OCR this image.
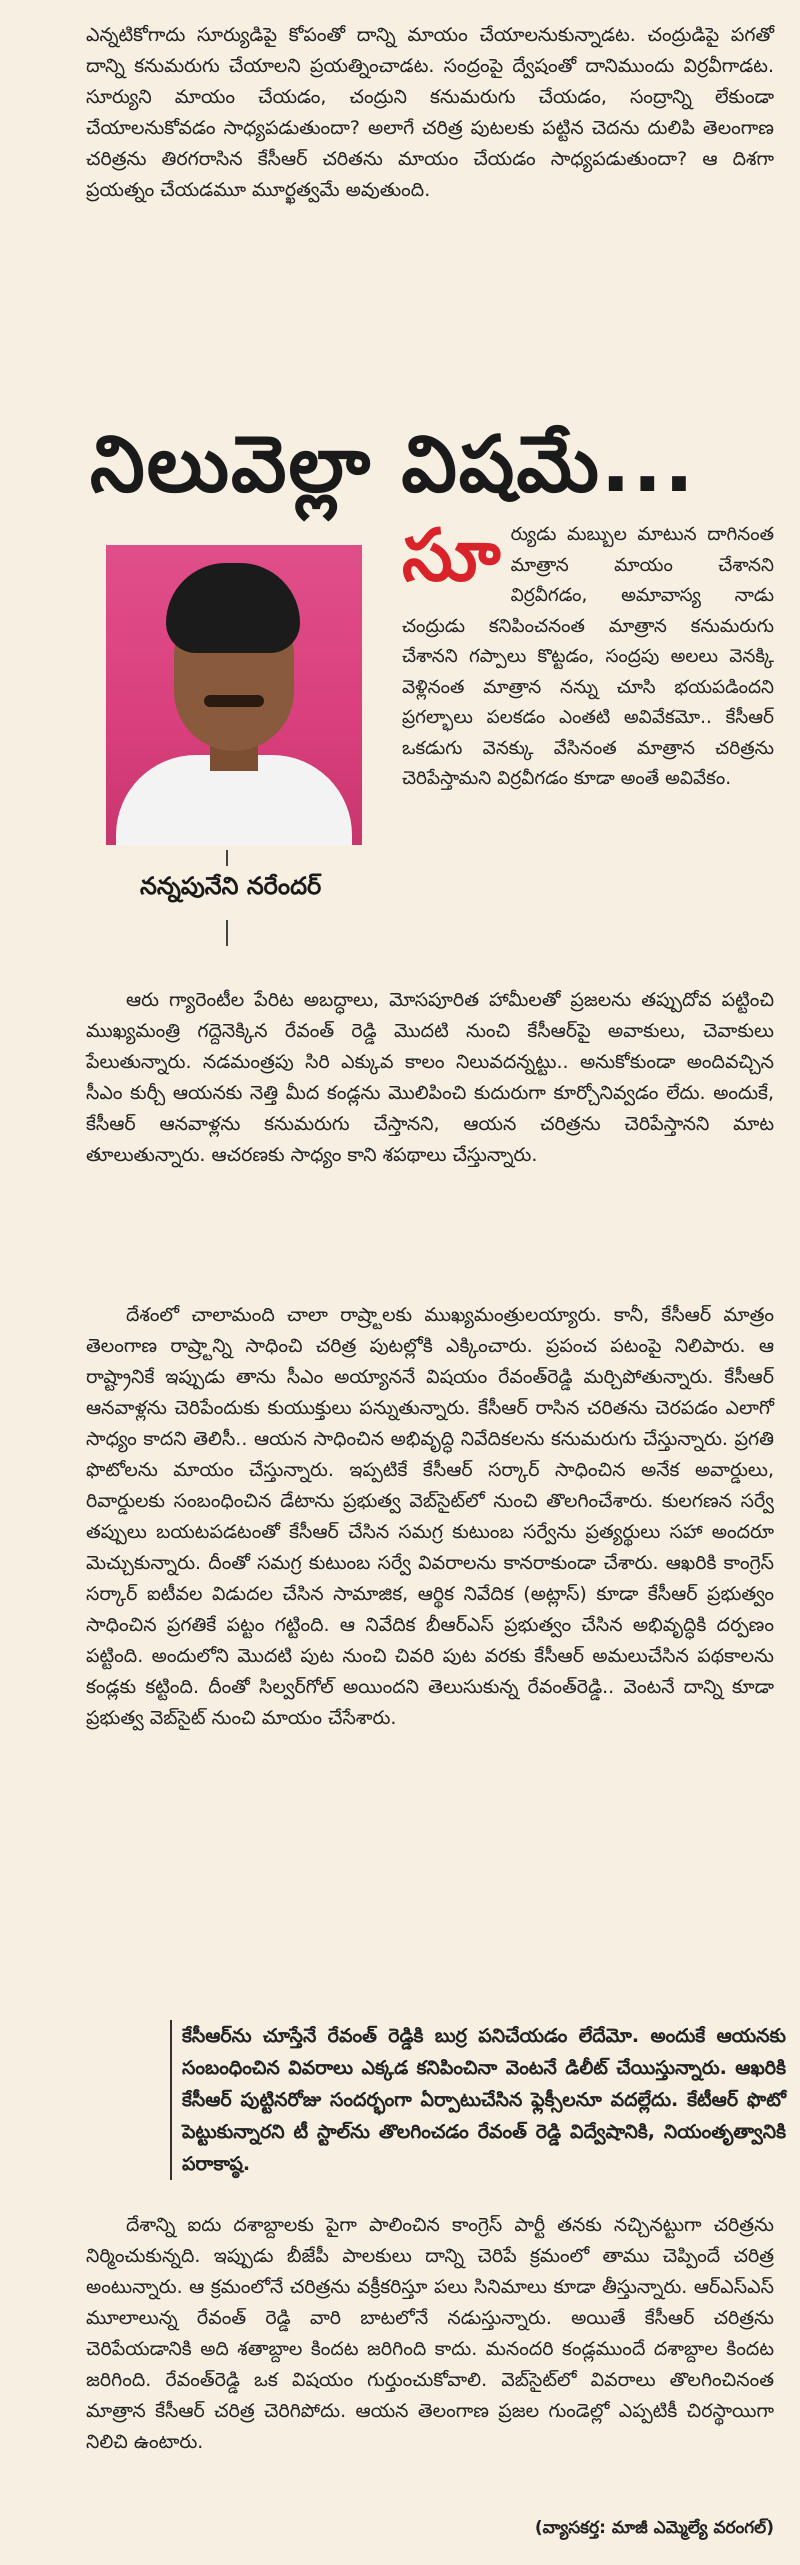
ఎన్నటికోగాదు సూర్యుడిపై కోపంతో దాన్ని మాయం చేయాలనుకున్నాడట. చంద్రుడిపై పగతో దాన్ని కనుమరుగు చేయాలని ప్రయత్నించాడట. సంద్రంపై ద్వేషంతో దానిముందు విర్రవీగాడట. సూర్యుని మాయం చేయడం, చంద్రుని కనుమరుగు చేయడం, సంద్రాన్ని లేకుండా చేయాలనుకోవడం సాధ్యపడుతుందా? అలాగే చరిత్ర పుటలకు పట్టిన చెదను దులిపి తెలంగాణ చరిత్రను తిరగరాసిన కేసీఆర్ చరితను మాయం చేయడం సాధ్యపడుతుందా? ఆ దిశగా ప్రయత్నం చేయడమూ మూర్ఖత్వమే అవుతుంది.

నిలువెల్లా విషమే...

నన్నపునేని నరేందర్

సూ ర్యుడు మబ్బుల మాటున దాగినంత మాత్రాన మాయం చేశానని విర్రవీగడం, అమావాస్య నాడు చంద్రుడు కనిపించనంత మాత్రాన కనుమరుగు చేశానని గప్పాలు కొట్టడం, సంద్రపు అలలు వెనక్కి వెళ్లినంత మాత్రాన నన్ను చూసి భయపడిందని ప్రగల్భాలు పలకడం ఎంతటి అవివేకమో.. కేసీఆర్ ఒకడుగు వెనక్కు వేసినంత మాత్రాన చరిత్రను చెరిపేస్తామని విర్రవీగడం కూడా అంతే అవివేకం.

ఆరు గ్యారెంటీల పేరిట అబద్ధాలు, మోసపూరిత హామీలతో ప్రజలను తప్పుదోవ పట్టించి ముఖ్యమంత్రి గద్దెనెక్కిన రేవంత్ రెడ్డి మొదటి నుంచి కేసీఆర్‌పై అవాకులు, చెవాకులు పేలుతున్నారు. నడమంత్రపు సిరి ఎక్కువ కాలం నిలువదన్నట్టు.. అనుకోకుండా అందివచ్చిన సీఎం కుర్చీ ఆయనకు నెత్తి మీద కండ్లను మొలిపించి కుదురుగా కూర్చోనివ్వడం లేదు. అందుకే, కేసీఆర్ ఆనవాళ్లను కనుమరుగు చేస్తానని, ఆయన చరిత్రను చెరిపేస్తానని మాట తూలుతున్నారు. ఆచరణకు సాధ్యం కాని శపథాలు చేస్తున్నారు.

దేశంలో చాలామంది చాలా రాష్ర్టాలకు ముఖ్యమంత్రులయ్యారు. కానీ, కేసీఆర్ మాత్రం తెలంగాణ రాష్ర్టాన్ని సాధించి చరిత్ర పుటల్లోకి ఎక్కించారు. ప్రపంచ పటంపై నిలిపారు. ఆ రాష్ట్రానికే ఇప్పుడు తాను సీఎం అయ్యాననే విషయం రేవంత్‌రెడ్డి మర్చిపోతున్నారు. కేసీఆర్ ఆనవాళ్లను చెరిపేందుకు కుయుక్తులు పన్నుతున్నారు. కేసీఆర్ రాసిన చరితను చెరపడం ఎలాగో సాధ్యం కాదని తెలిసీ.. ఆయన సాధించిన అభివృద్ధి నివేదికలను కనుమరుగు చేస్తున్నారు. ప్రగతి ఫొటోలను మాయం చేస్తున్నారు. ఇప్పటికే కేసీఆర్ సర్కార్ సాధించిన అనేక అవార్డులు, రివార్డులకు సంబంధించిన డేటాను ప్రభుత్వ వెబ్‌సైట్‌లో నుంచి తొలగించేశారు. కులగణన సర్వే తప్పులు బయటపడటంతో కేసీఆర్ చేసిన సమగ్ర కుటుంబ సర్వేను ప్రత్యర్థులు సహా అందరూ మెచ్చుకున్నారు. దీంతో సమగ్ర కుటుంబ సర్వే వివరాలను కానరాకుండా చేశారు. ఆఖరికి కాంగ్రెస్ సర్కార్ ఐటీవల విడుదల చేసిన సామాజిక, ఆర్థిక నివేదిక (అట్లాస్) కూడా కేసీఆర్ ప్రభుత్వం సాధించిన ప్రగతికే పట్టం గట్టింది. ఆ నివేదిక బీఆర్‌ఎస్ ప్రభుత్వం చేసిన అభివృద్ధికి దర్పణం పట్టింది. అందులోని మొదటి పుట నుంచి చివరి పుట వరకు కేసీఆర్ అమలుచేసిన పథకాలను కండ్లకు కట్టింది. దీంతో సిల్వర్‌గోల్ అయిందని తెలుసుకున్న రేవంత్‌రెడ్డి.. వెంటనే దాన్ని కూడా ప్రభుత్వ వెబ్‌సైట్ నుంచి మాయం చేసేశారు.

కేసీఆర్‌ను చూస్తేనే రేవంత్ రెడ్డికి బుర్ర పనిచేయడం లేదేమో. అందుకే ఆయనకు సంబంధించిన వివరాలు ఎక్కడ కనిపించినా వెంటనే డిలీట్ చేయిస్తున్నారు. ఆఖరికి కేసీఆర్ పుట్టినరోజు సందర్భంగా ఏర్పాటుచేసిన ఫ్లెక్సీలనూ వదల్లేదు. కేటీఆర్ ఫొటో పెట్టుకున్నారని టీ స్టాల్‌ను తొలగించడం రేవంత్ రెడ్డి విద్వేషానికి, నియంతృత్వానికి పరాకాష్ఠ.

దేశాన్ని ఐదు దశాబ్దాలకు పైగా పాలించిన కాంగ్రెస్ పార్టీ తనకు నచ్చినట్టుగా చరిత్రను నిర్మించుకున్నది. ఇప్పుడు బీజేపీ పాలకులు దాన్ని చెరిపే క్రమంలో తాము చెప్పిందే చరిత్ర అంటున్నారు. ఆ క్రమంలోనే చరిత్రను వక్రీకరిస్తూ పలు సినిమాలు కూడా తీస్తున్నారు. ఆర్‌ఎస్‌ఎస్ మూలాలున్న రేవంత్ రెడ్డి వారి బాటలోనే నడుస్తున్నారు. అయితే కేసీఆర్ చరిత్రను చెరిపేయడానికి అది శతాబ్దాల కిందట జరిగింది కాదు. మనందరి కండ్లముందే దశాబ్దాల కిందట జరిగింది. రేవంత్‌రెడ్డి ఒక విషయం గుర్తుంచుకోవాలి. వెబ్‌సైట్‌లో వివరాలు తొలగించినంత మాత్రాన కేసీఆర్ చరిత్ర చెరిగిపోదు. ఆయన తెలంగాణ ప్రజల గుండెల్లో ఎప్పటికీ చిరస్థాయిగా నిలిచి ఉంటారు.

(వ్యాసకర్త: మాజీ ఎమ్మెల్యే వరంగల్)
